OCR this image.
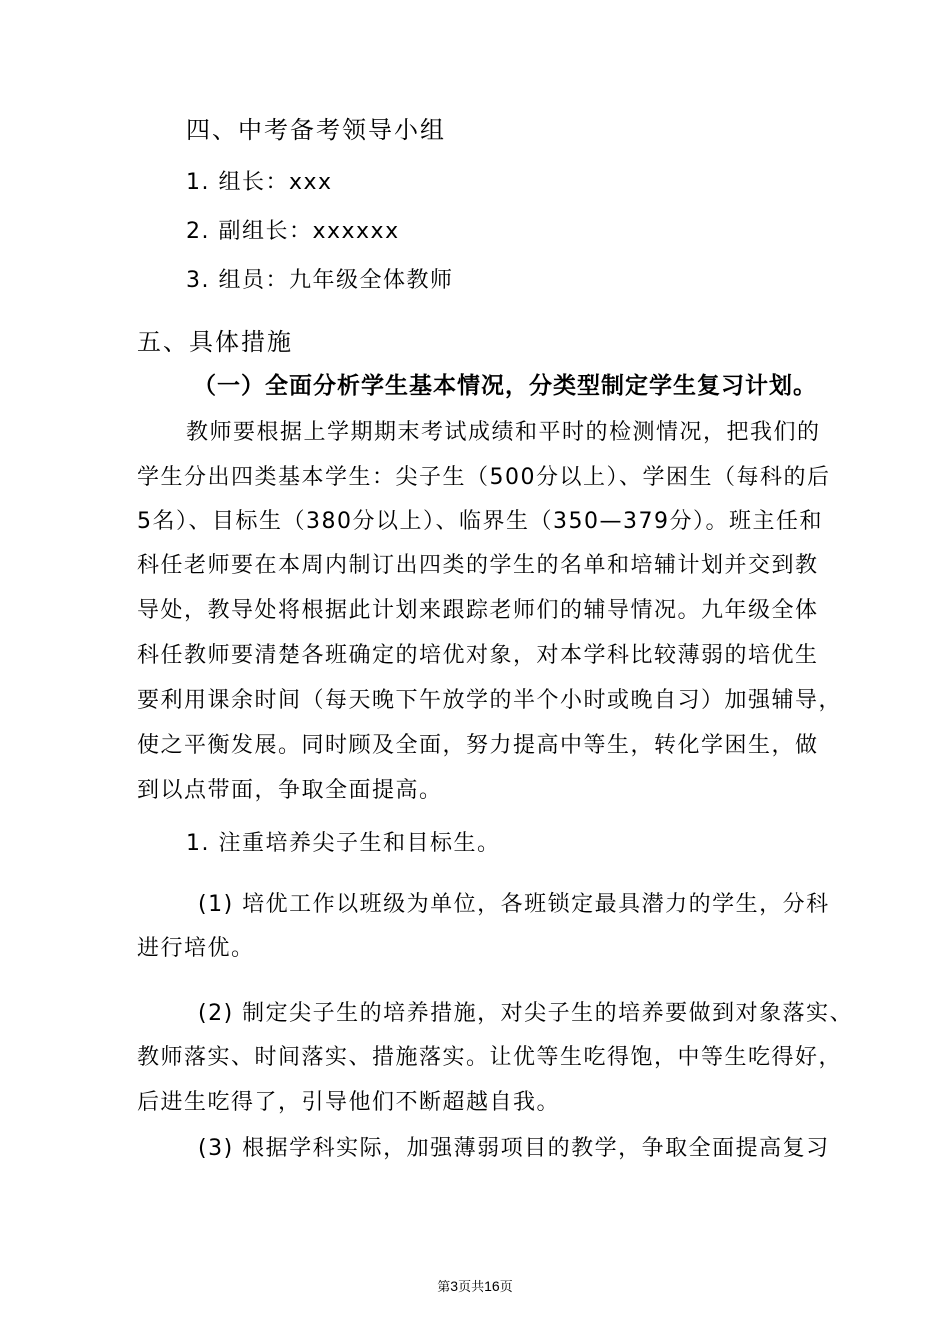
四、中考备考领导小组
1. 组长：xxx
2. 副组长：xxxxxx
3. 组员：九年级全体教师
五、具体措施
（一）全面分析学生基本情况，分类型制定学生复习计划。
教师要根据上学期期末考试成绩和平时的检测情况，把我们的
学生分出四类基本学生：尖子生（500分以上）、学困生（每科的后
5名）、目标生（380分以上）、临界生（350—379分）。班主任和
科任老师要在本周内制订出四类的学生的名单和培辅计划并交到教
导处，教导处将根据此计划来跟踪老师们的辅导情况。九年级全体
科任教师要清楚各班确定的培优对象，对本学科比较薄弱的培优生
要利用课余时间（每天晚下午放学的半个小时或晚自习）加强辅导，
使之平衡发展。同时顾及全面，努力提高中等生，转化学困生，做
到以点带面，争取全面提高。
1. 注重培养尖子生和目标生。
(1) 培优工作以班级为单位，各班锁定最具潜力的学生，分科
进行培优。
(2) 制定尖子生的培养措施，对尖子生的培养要做到对象落实、
教师落实、时间落实、措施落实。让优等生吃得饱，中等生吃得好，
后进生吃得了，引导他们不断超越自我。
(3) 根据学科实际，加强薄弱项目的教学，争取全面提高复习
第3页共16页
